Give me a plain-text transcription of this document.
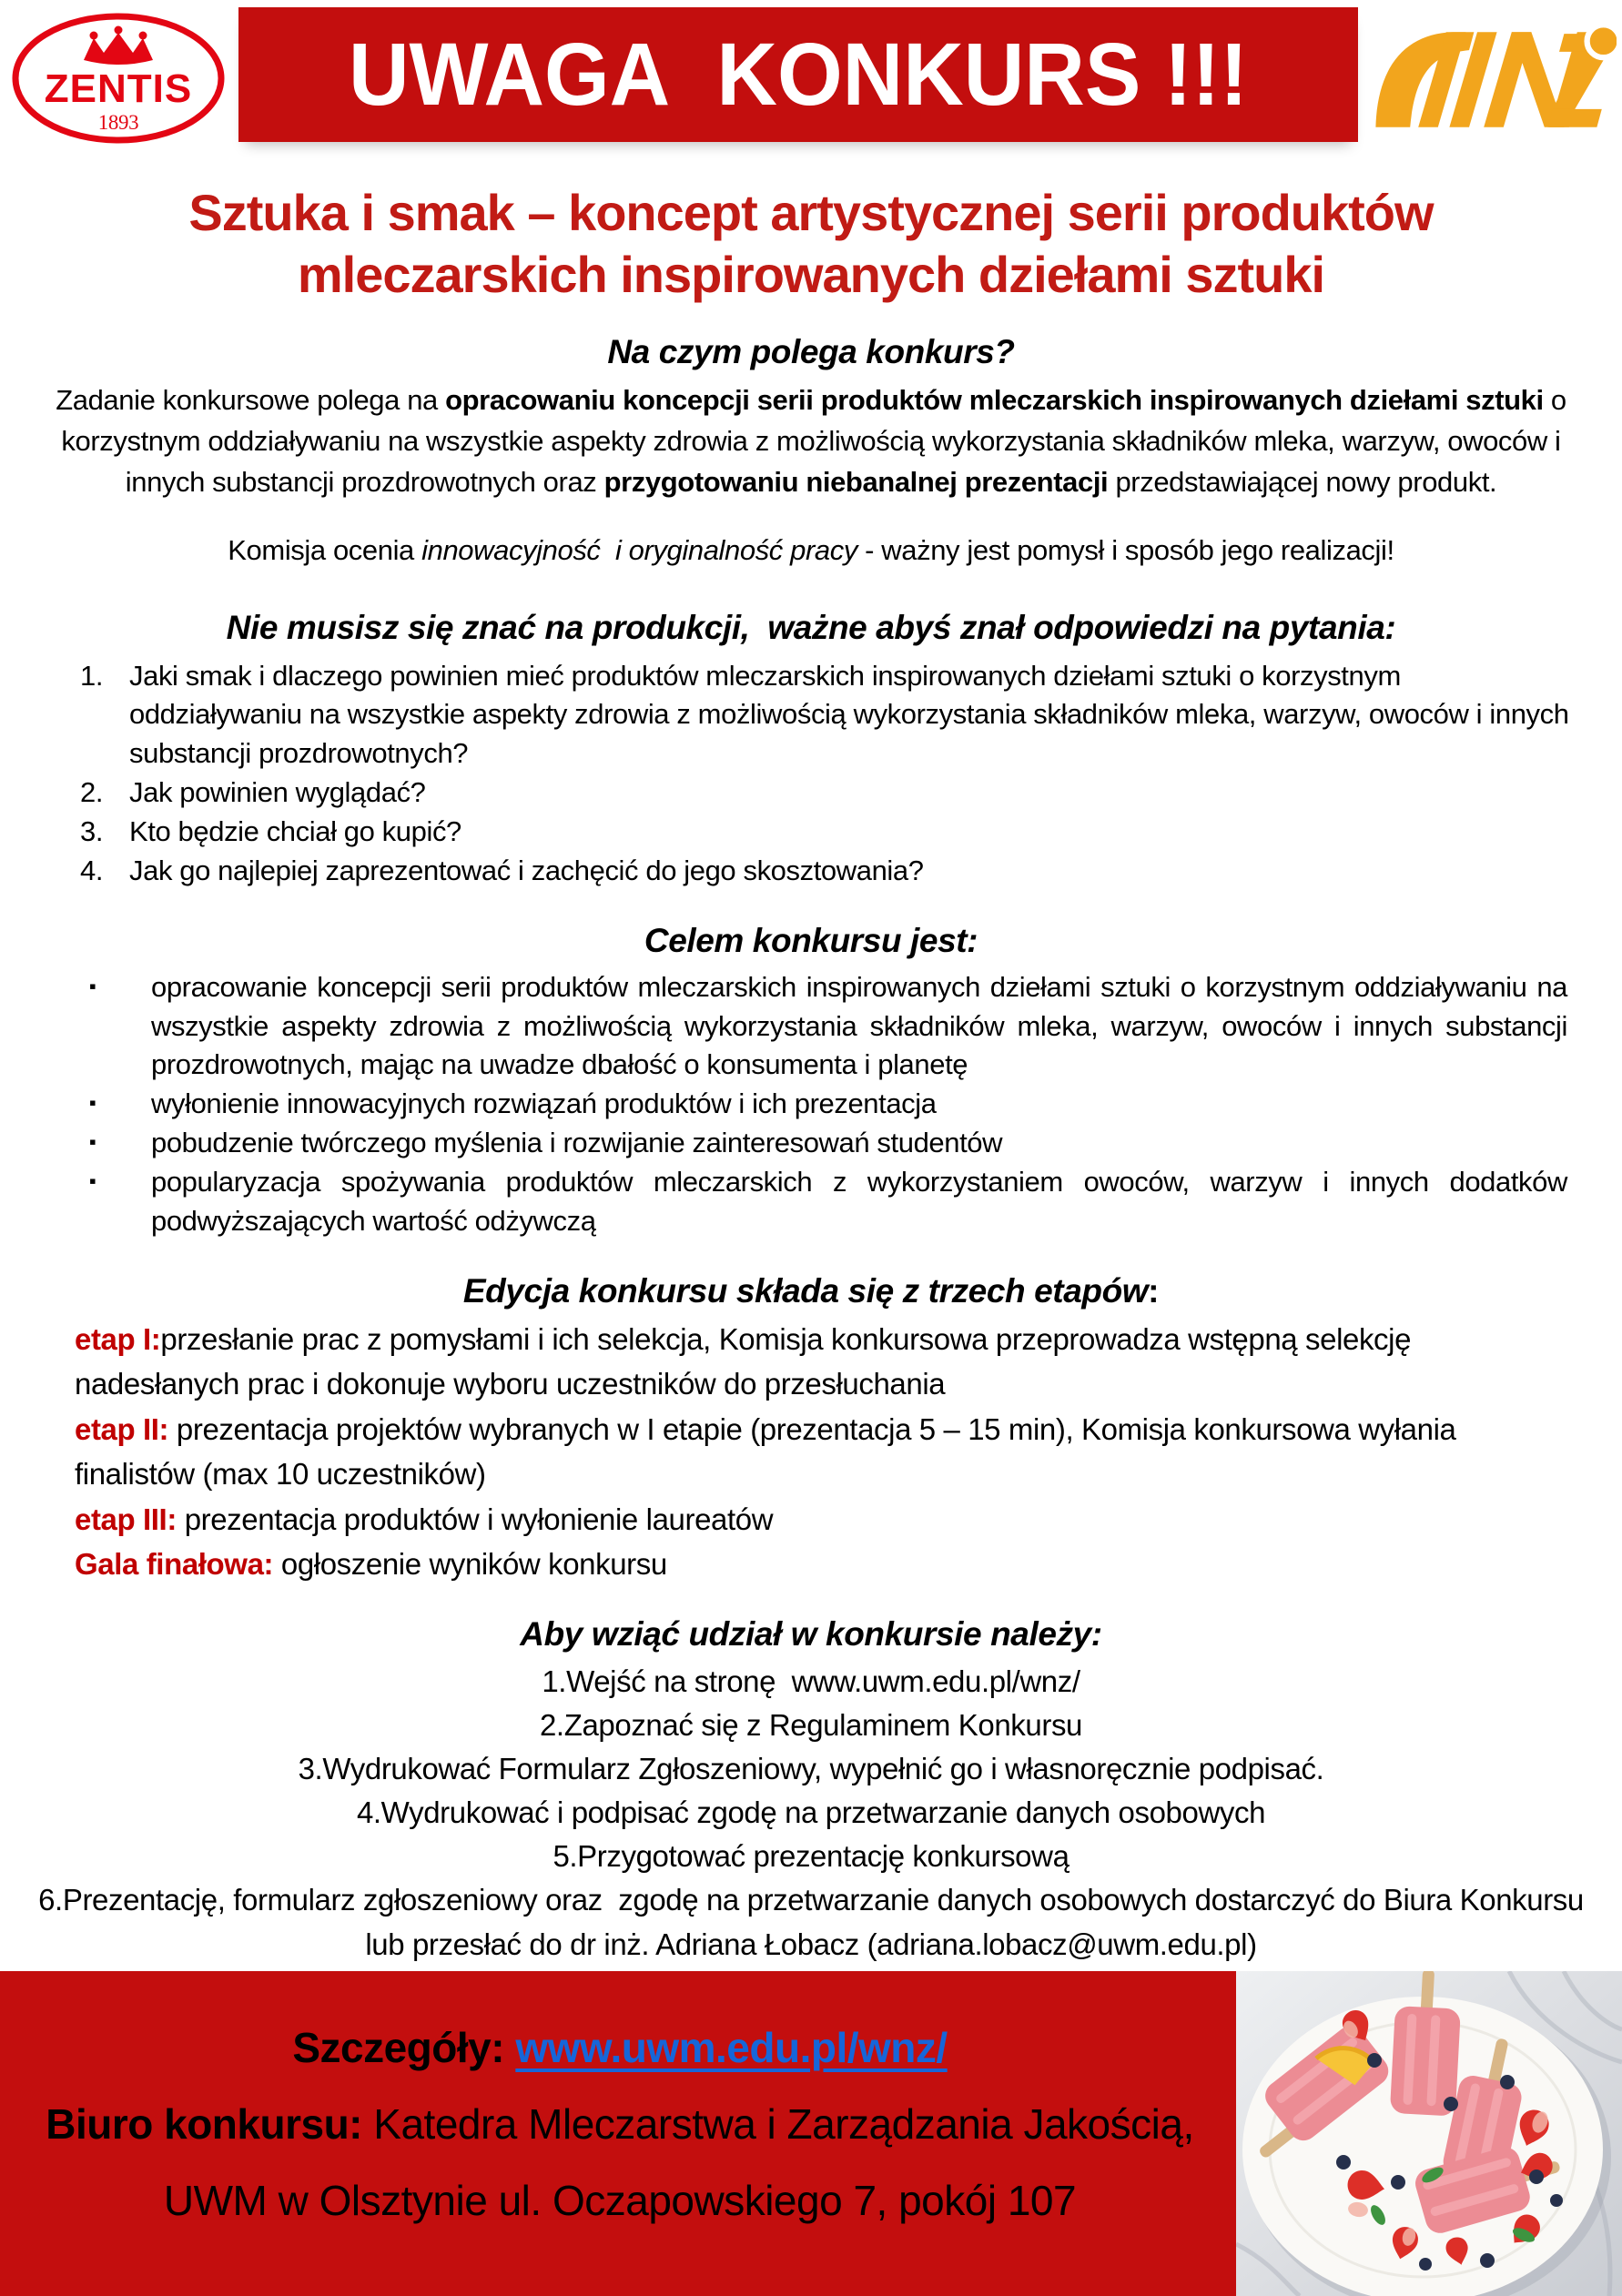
ZENTIS
1893 UWAGA  KONKURS !!!
Sztuka i smak – koncept artystycznej serii produktów
mleczarskich inspirowanych dziełami sztuki
Na czym polega konkurs?
Zadanie konkursowe polega na opracowaniu koncepcji serii produktów mleczarskich inspirowanych dziełami sztuki o korzystnym oddziaływaniu na wszystkie aspekty zdrowia z możliwością wykorzystania składników mleka, warzyw, owoców i innych substancji prozdrowotnych oraz przygotowaniu niebanalnej prezentacji przedstawiającej nowy produkt.
Komisja ocenia innowacyjność  i oryginalność pracy - ważny jest pomysł i sposób jego realizacji!
Nie musisz się znać na produkcji,  ważne abyś znał odpowiedzi na pytania:
1. Jaki smak i dlaczego powinien mieć produktów mleczarskich inspirowanych dziełami sztuki o korzystnym oddziaływaniu na wszystkie aspekty zdrowia z możliwością wykorzystania składników mleka, warzyw, owoców i innych substancji prozdrowotnych?
2. Jak powinien wyglądać?
3. Kto będzie chciał go kupić?
4. Jak go najlepiej zaprezentować i zachęcić do jego skosztowania?
Celem konkursu jest:
▪	opracowanie koncepcji serii produktów mleczarskich inspirowanych dziełami sztuki o korzystnym oddziaływaniu na wszystkie aspekty zdrowia z możliwością wykorzystania składników mleka, warzyw, owoców i innych substancji prozdrowotnych, mając na uwadze dbałość o konsumenta i planetę
▪	wyłonienie innowacyjnych rozwiązań produktów i ich prezentacja
▪	pobudzenie twórczego myślenia i rozwijanie zainteresowań studentów
▪	popularyzacja spożywania produktów mleczarskich z wykorzystaniem owoców, warzyw i innych dodatków podwyższających wartość odżywczą
Edycja konkursu składa się z trzech etapów:
etap I:przesłanie prac z pomysłami i ich selekcja, Komisja konkursowa przeprowadza wstępną selekcję nadesłanych prac i dokonuje wyboru uczestników do przesłuchania
etap II: prezentacja projektów wybranych w I etapie (prezentacja 5 – 15 min), Komisja konkursowa wyłania finalistów (max 10 uczestników)
etap III: prezentacja produktów i wyłonienie laureatów
Gala finałowa: ogłoszenie wyników konkursu
Aby wziąć udział w konkursie należy:
1.Wejść na stronę  www.uwm.edu.pl/wnz/
2.Zapoznać się z Regulaminem Konkursu
3.Wydrukować Formularz Zgłoszeniowy, wypełnić go i własnoręcznie podpisać.
4.Wydrukować i podpisać zgodę na przetwarzanie danych osobowych
5.Przygotować prezentację konkursową
6.Prezentację, formularz zgłoszeniowy oraz  zgodę na przetwarzanie danych osobowych dostarczyć do Biura Konkursu lub przesłać do dr inż. Adriana Łobacz (adriana.lobacz@uwm.edu.pl)
Szczegóły: www.uwm.edu.pl/wnz/
Biuro konkursu: Katedra Mleczarstwa i Zarządzania Jakością, UWM w Olsztynie ul. Oczapowskiego 7, pokój 107
